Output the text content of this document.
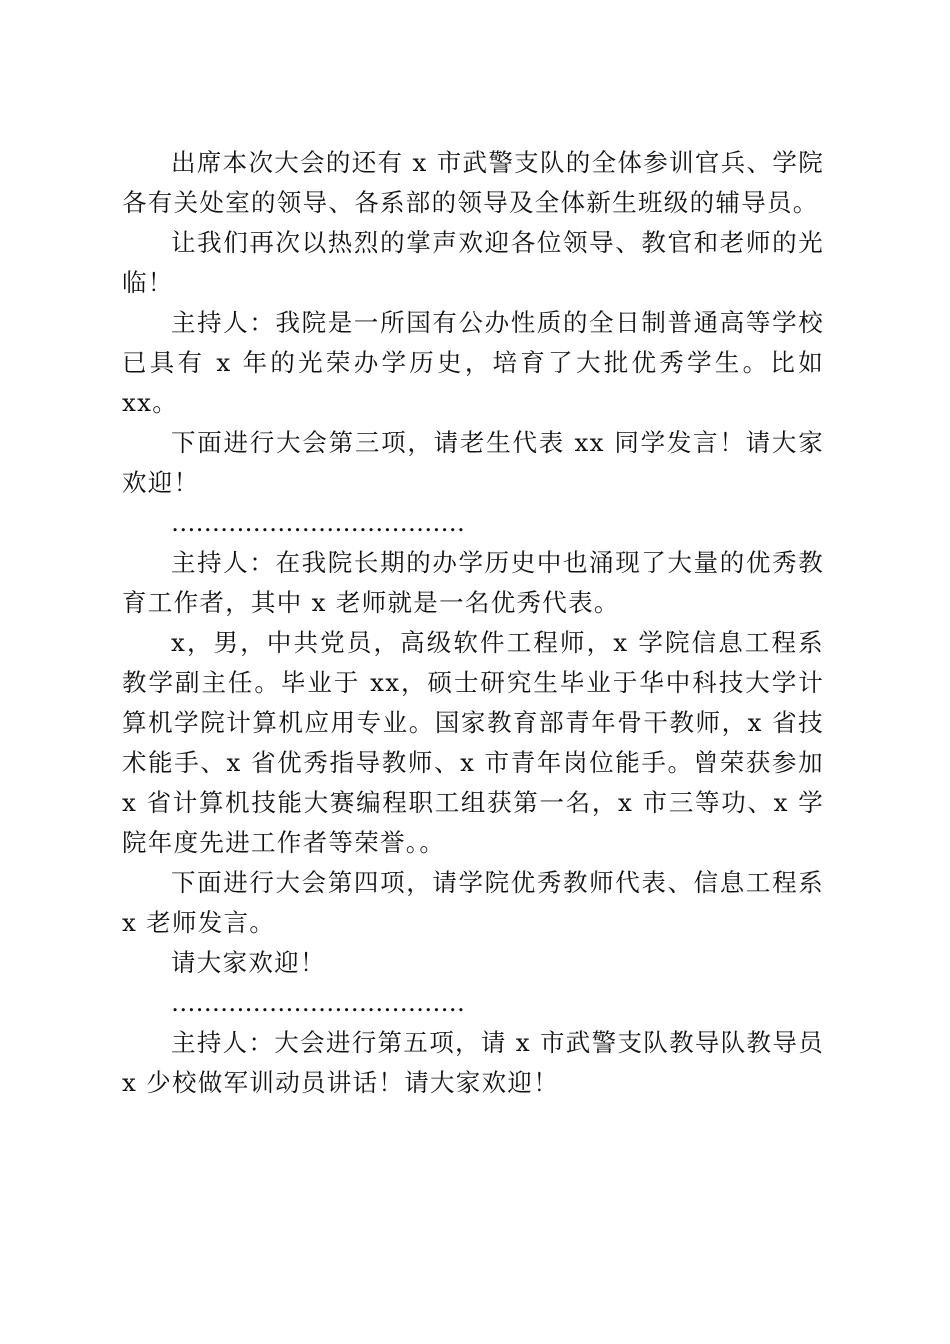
出席本次大会的还有 x 市武警支队的全体参训官兵、学院各有关处室的领导、各系部的领导及全体新生班级的辅导员。

让我们再次以热烈的掌声欢迎各位领导、教官和老师的光临！

主持人：我院是一所国有公办性质的全日制普通高等学校已具有 x 年的光荣办学历史，培育了大批优秀学生。比如 xx。

下面进行大会第三项，请老生代表 xx 同学发言！请大家欢迎！

………………………………

主持人：在我院长期的办学历史中也涌现了大量的优秀教育工作者，其中 x 老师就是一名优秀代表。

x，男，中共党员，高级软件工程师，x 学院信息工程系教学副主任。毕业于 xx，硕士研究生毕业于华中科技大学计算机学院计算机应用专业。国家教育部青年骨干教师，x 省技术能手、x 省优秀指导教师、x 市青年岗位能手。曾荣获参加 x 省计算机技能大赛编程职工组获第一名，x 市三等功、x 学院年度先进工作者等荣誉。。

下面进行大会第四项，请学院优秀教师代表、信息工程系 x 老师发言。

请大家欢迎！

………………………………

主持人：大会进行第五项，请 x 市武警支队教导队教导员 x 少校做军训动员讲话！请大家欢迎！
